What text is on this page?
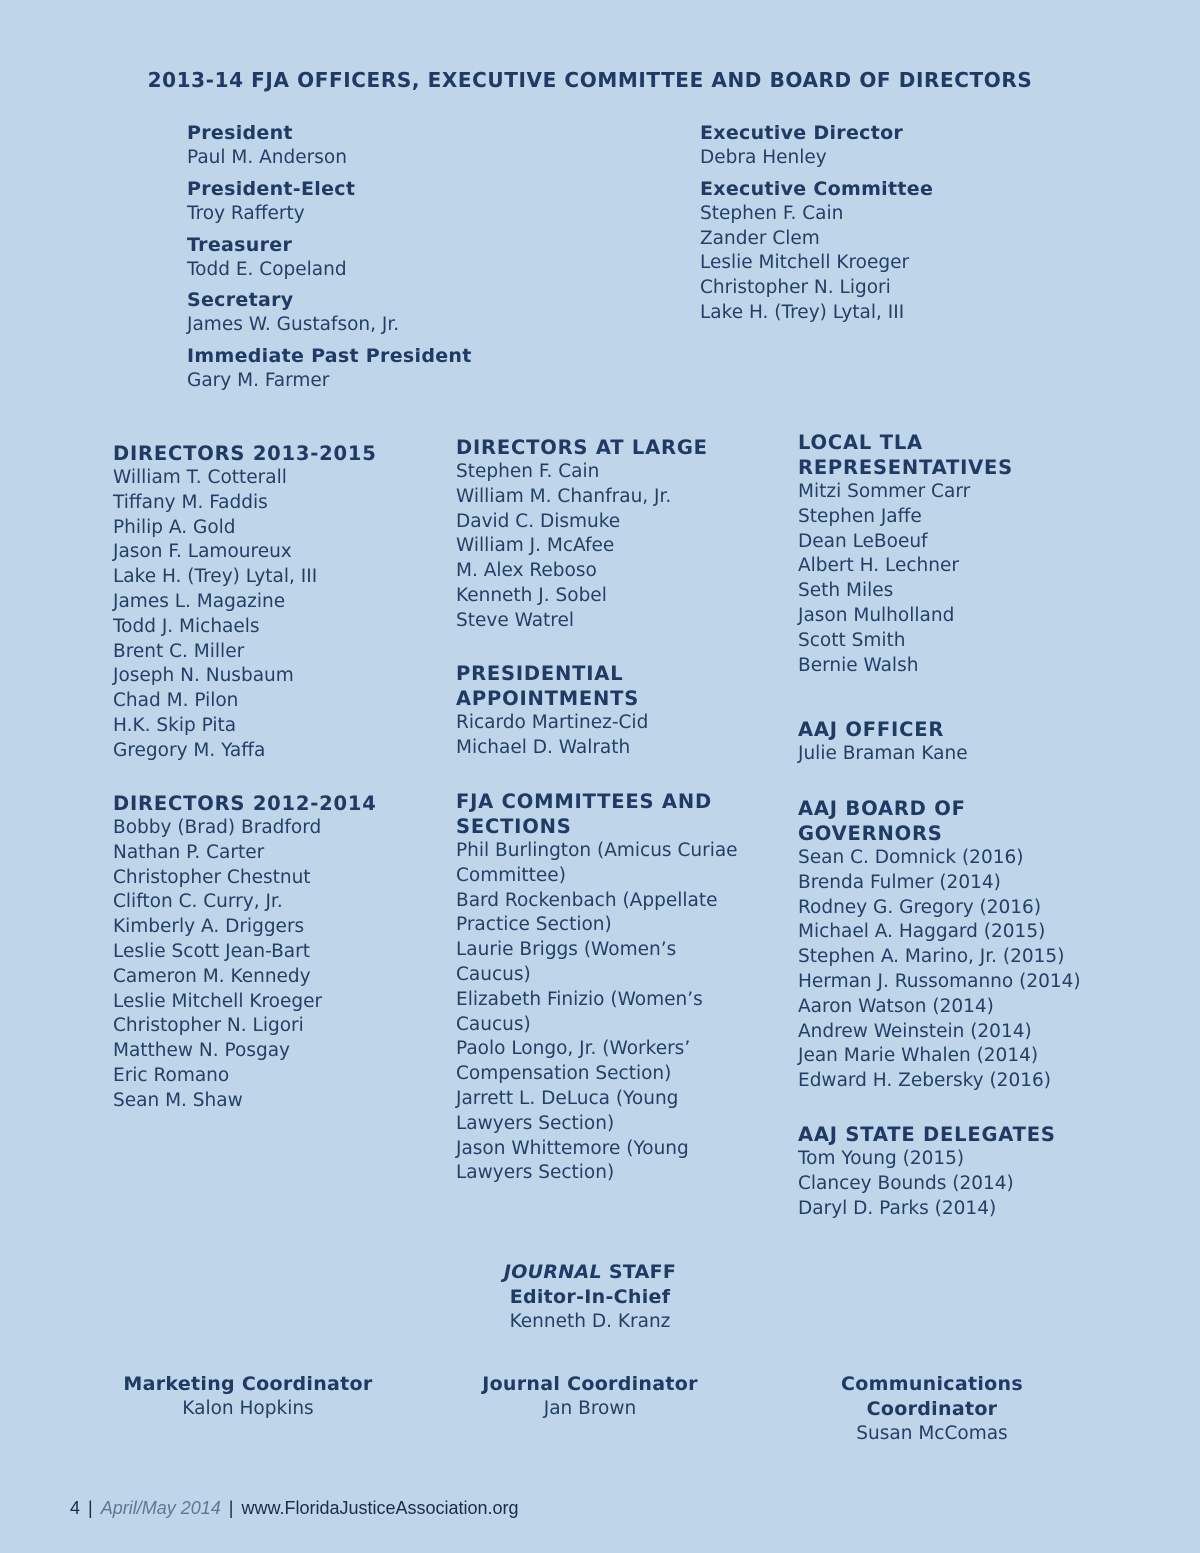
2013-14 FJA OFFICERS, EXECUTIVE COMMITTEE AND BOARD OF DIRECTORS
President
Paul M. Anderson
President-Elect
Troy Rafferty
Treasurer
Todd E. Copeland
Secretary
James W. Gustafson, Jr.
Immediate Past President
Gary M. Farmer
Executive Director
Debra Henley
Executive Committee
Stephen F. Cain
Zander Clem
Leslie Mitchell Kroeger
Christopher N. Ligori
Lake H. (Trey) Lytal, III
DIRECTORS 2013-2015
William T. Cotterall
Tiffany M. Faddis
Philip A. Gold
Jason F. Lamoureux
Lake H. (Trey) Lytal, III
James L. Magazine
Todd J. Michaels
Brent C. Miller
Joseph N. Nusbaum
Chad M. Pilon
H.K. Skip Pita
Gregory M. Yaffa
DIRECTORS 2012-2014
Bobby (Brad) Bradford
Nathan P. Carter
Christopher Chestnut
Clifton C. Curry, Jr.
Kimberly A. Driggers
Leslie Scott Jean-Bart
Cameron M. Kennedy
Leslie Mitchell Kroeger
Christopher N. Ligori
Matthew N. Posgay
Eric Romano
Sean M. Shaw
DIRECTORS AT LARGE
Stephen F. Cain
William M. Chanfrau, Jr.
David C. Dismuke
William J. McAfee
M. Alex Reboso
Kenneth J. Sobel
Steve Watrel
PRESIDENTIAL
APPOINTMENTS
Ricardo Martinez-Cid
Michael D. Walrath
FJA COMMITTEES AND
SECTIONS
Phil Burlington (Amicus Curiae
Committee)
Bard Rockenbach (Appellate
Practice Section)
Laurie Briggs (Women’s
Caucus)
Elizabeth Finizio (Women’s
Caucus)
Paolo Longo, Jr. (Workers’
Compensation Section)
Jarrett L. DeLuca (Young
Lawyers Section)
Jason Whittemore (Young
Lawyers Section)
LOCAL TLA
REPRESENTATIVES
Mitzi Sommer Carr
Stephen Jaffe
Dean LeBoeuf
Albert H. Lechner
Seth Miles
Jason Mulholland
Scott Smith
Bernie Walsh
AAJ OFFICER
Julie Braman Kane
AAJ BOARD OF
GOVERNORS
Sean C. Domnick (2016)
Brenda Fulmer (2014)
Rodney G. Gregory (2016)
Michael A. Haggard (2015)
Stephen A. Marino, Jr. (2015)
Herman J. Russomanno (2014)
Aaron Watson (2014)
Andrew Weinstein (2014)
Jean Marie Whalen (2014)
Edward H. Zebersky (2016)
AAJ STATE DELEGATES
Tom Young (2015)
Clancey Bounds (2014)
Daryl D. Parks (2014)
JOURNAL STAFF
Editor-In-Chief
Kenneth D. Kranz
Marketing Coordinator
Kalon Hopkins
Journal Coordinator
Jan Brown
Communications
Coordinator
Susan McComas
4 | April/May 2014 | www.FloridaJusticeAssociation.org
